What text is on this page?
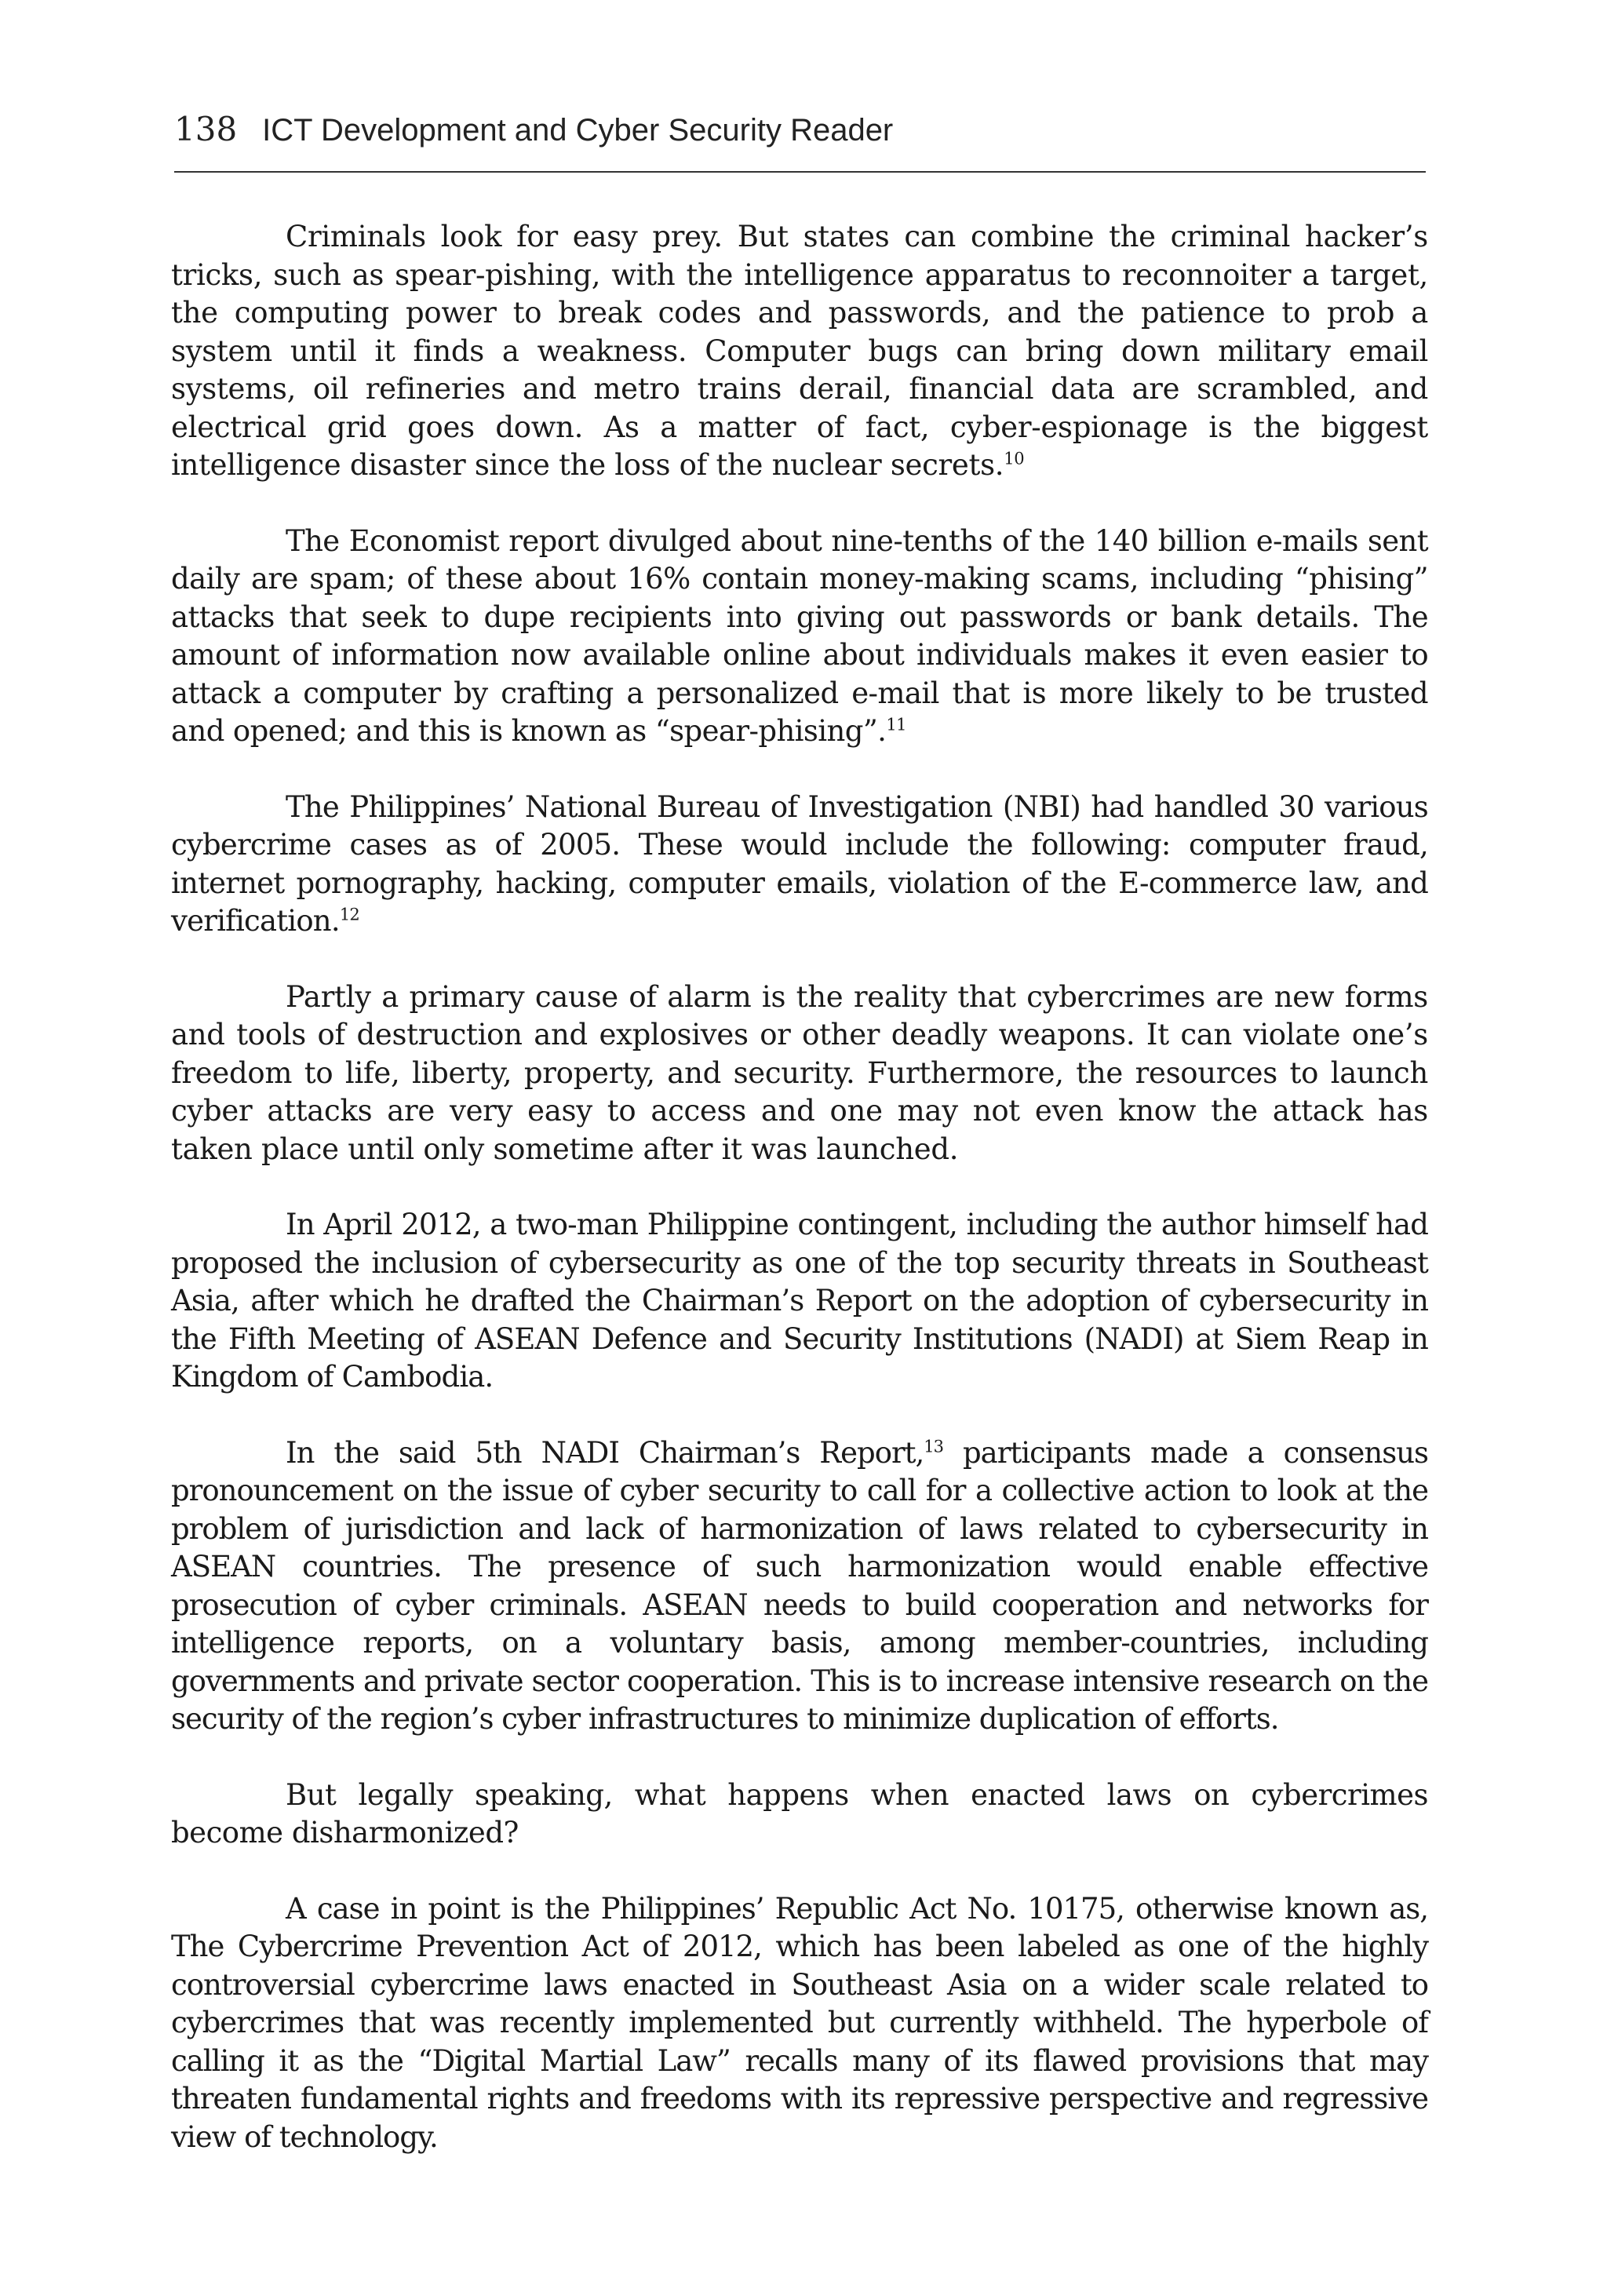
138 ICT Development and Cyber Security Reader

Criminals look for easy prey. But states can combine the criminal hacker’s tricks, such as spear-pishing, with the intelligence apparatus to reconnoiter a target, the computing power to break codes and passwords, and the patience to prob a system until it finds a weakness. Computer bugs can bring down military email systems, oil refineries and metro trains derail, financial data are scrambled, and electrical grid goes down. As a matter of fact, cyber-espionage is the biggest intelligence disaster since the loss of the nuclear secrets.$^{10}$

The Economist report divulged about nine-tenths of the 140 billion e-mails sent daily are spam; of these about 16% contain money-making scams, including “phising” attacks that seek to dupe recipients into giving out passwords or bank details. The amount of information now available online about individuals makes it even easier to attack a computer by crafting a personalized e-mail that is more likely to be trusted and opened; and this is known as “spear-phising”.$^{11}$

The Philippines’ National Bureau of Investigation (NBI) had handled 30 various cybercrime cases as of 2005. These would include the following: computer fraud, internet pornography, hacking, computer emails, violation of the E-commerce law, and verification.$^{12}$

Partly a primary cause of alarm is the reality that cybercrimes are new forms and tools of destruction and explosives or other deadly weapons. It can violate one’s freedom to life, liberty, property, and security. Furthermore, the resources to launch cyber attacks are very easy to access and one may not even know the attack has taken place until only sometime after it was launched.

In April 2012, a two-man Philippine contingent, including the author himself had proposed the inclusion of cybersecurity as one of the top security threats in Southeast Asia, after which he drafted the Chairman’s Report on the adoption of cybersecurity in the Fifth Meeting of ASEAN Defence and Security Institutions (NADI) at Siem Reap in Kingdom of Cambodia.

In the said 5th NADI Chairman’s Report,$^{13}$ participants made a consensus pronouncement on the issue of cyber security to call for a collective action to look at the problem of jurisdiction and lack of harmonization of laws related to cybersecurity in ASEAN countries. The presence of such harmonization would enable effective prosecution of cyber criminals. ASEAN needs to build cooperation and networks for intelligence reports, on a voluntary basis, among member-countries, including governments and private sector cooperation. This is to increase intensive research on the security of the region’s cyber infrastructures to minimize duplication of efforts.

But legally speaking, what happens when enacted laws on cybercrimes become disharmonized?

A case in point is the Philippines’ Republic Act No. 10175, otherwise known as, The Cybercrime Prevention Act of 2012, which has been labeled as one of the highly controversial cybercrime laws enacted in Southeast Asia on a wider scale related to cybercrimes that was recently implemented but currently withheld. The hyperbole of calling it as the “Digital Martial Law” recalls many of its flawed provisions that may threaten fundamental rights and freedoms with its repressive perspective and regressive view of technology.
